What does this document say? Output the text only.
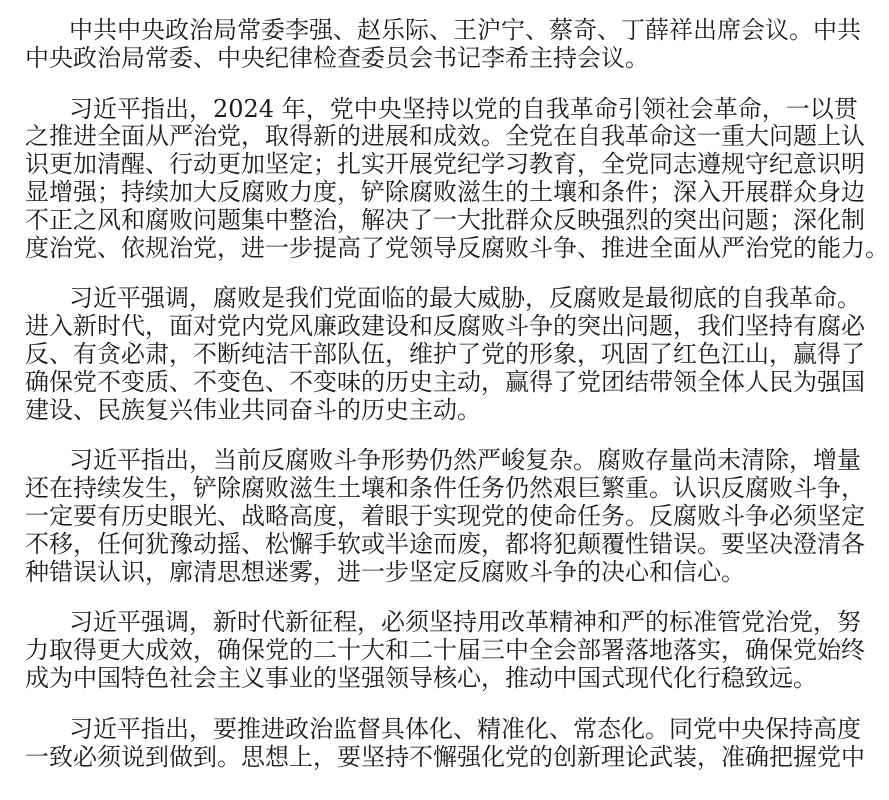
中共中央政治局常委李强、赵乐际、王沪宁、蔡奇、丁薛祥出席会议。中共
中央政治局常委、中央纪律检查委员会书记李希主持会议。
习近平指出，2024 年，党中央坚持以党的自我革命引领社会革命，一以贯
之推进全面从严治党，取得新的进展和成效。全党在自我革命这一重大问题上认
识更加清醒、行动更加坚定；扎实开展党纪学习教育，全党同志遵规守纪意识明
显增强；持续加大反腐败力度，铲除腐败滋生的土壤和条件；深入开展群众身边
不正之风和腐败问题集中整治，解决了一大批群众反映强烈的突出问题；深化制
度治党、依规治党，进一步提高了党领导反腐败斗争、推进全面从严治党的能力。
习近平强调，腐败是我们党面临的最大威胁，反腐败是最彻底的自我革命。
进入新时代，面对党内党风廉政建设和反腐败斗争的突出问题，我们坚持有腐必
反、有贪必肃，不断纯洁干部队伍，维护了党的形象，巩固了红色江山，赢得了
确保党不变质、不变色、不变味的历史主动，赢得了党团结带领全体人民为强国
建设、民族复兴伟业共同奋斗的历史主动。
习近平指出，当前反腐败斗争形势仍然严峻复杂。腐败存量尚未清除，增量
还在持续发生，铲除腐败滋生土壤和条件任务仍然艰巨繁重。认识反腐败斗争，
一定要有历史眼光、战略高度，着眼于实现党的使命任务。反腐败斗争必须坚定
不移，任何犹豫动摇、松懈手软或半途而废，都将犯颠覆性错误。要坚决澄清各
种错误认识，廓清思想迷雾，进一步坚定反腐败斗争的决心和信心。
习近平强调，新时代新征程，必须坚持用改革精神和严的标准管党治党，努
力取得更大成效，确保党的二十大和二十届三中全会部署落地落实，确保党始终
成为中国特色社会主义事业的坚强领导核心，推动中国式现代化行稳致远。
习近平指出，要推进政治监督具体化、精准化、常态化。同党中央保持高度
一致必须说到做到。思想上，要坚持不懈强化党的创新理论武装，准确把握党中
